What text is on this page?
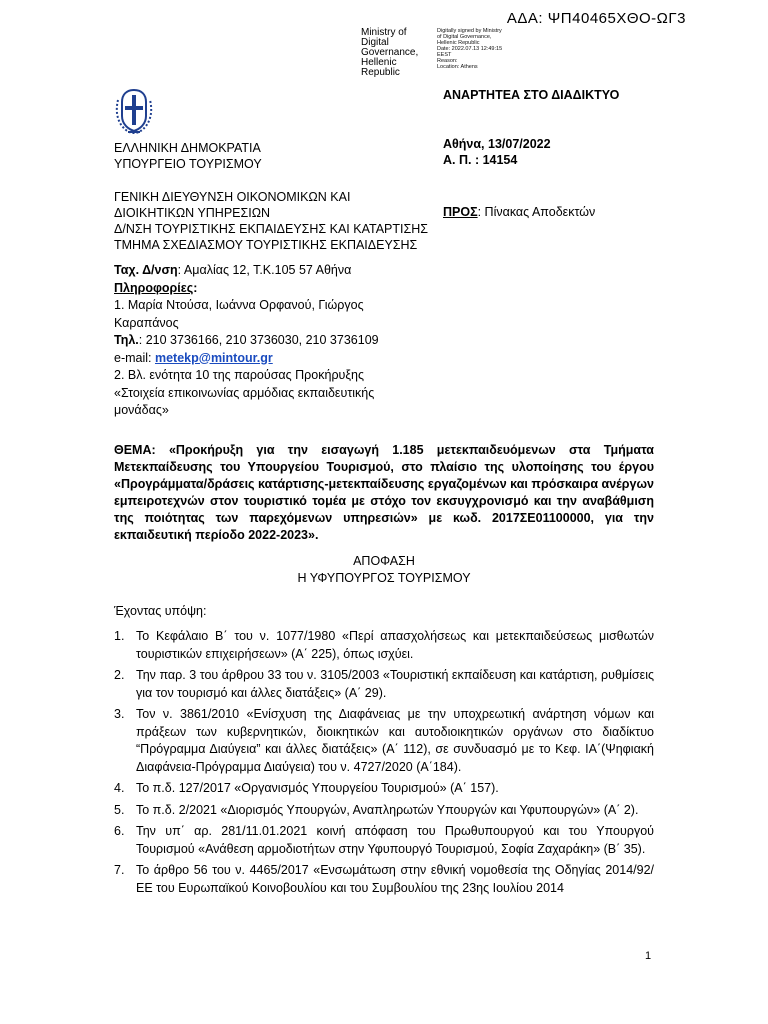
ΑΔΑ: ΨΠ40465ΧΘΟ-ΩΓ3
Ministry of Digital
Governance,
Hellenic Republic
Digitally signed by Ministry
of Digital Governance,
Hellenic Republic
Date: 2022.07.13 12:49:15
EEST
Reason:
Location: Athens
ΕΛΛΗΝΙΚΗ ΔΗΜΟΚΡΑΤΙΑ
ΥΠΟΥΡΓΕΙΟ ΤΟΥΡΙΣΜΟΥ
ΓΕΝΙΚΗ ΔΙΕΥΘΥΝΣΗ ΟΙΚΟΝΟΜΙΚΩΝ ΚΑΙ
ΔΙΟΙΚΗΤΙΚΩΝ ΥΠΗΡΕΣΙΩΝ
Δ/ΝΣΗ ΤΟΥΡΙΣΤΙΚΗΣ ΕΚΠΑΙΔΕΥΣΗΣ ΚΑΙ ΚΑΤΑΡΤΙΣΗΣ
ΤΜΗΜΑ ΣΧΕΔΙΑΣΜΟΥ ΤΟΥΡΙΣΤΙΚΗΣ ΕΚΠΑΙΔΕΥΣΗΣ
ΑΝΑΡΤΗΤΕΑ ΣΤΟ ΔΙΑΔΙΚΤΥΟ
Αθήνα, 13/07/2022
Α. Π. : 14154
ΠΡΟΣ: Πίνακας Αποδεκτών
Ταχ. Δ/νση: Αμαλίας 12, Τ.Κ.105 57 Αθήνα
Πληροφορίες:
1. Μαρία Ντούσα, Ιωάννα Ορφανού, Γιώργος
Καραπάνος
Τηλ.: 210 3736166, 210 3736030, 210 3736109
e-mail: metekp@mintour.gr
2. Βλ. ενότητα 10 της παρούσας Προκήρυξης
«Στοιχεία επικοινωνίας αρμόδιας εκπαιδευτικής
μονάδας»
ΘΕΜΑ: «Προκήρυξη για την εισαγωγή 1.185 μετεκπαιδευόμενων στα Τμήματα Μετεκπαίδευσης του Υπουργείου Τουρισμού, στο πλαίσιο της υλοποίησης του έργου «Προγράμματα/δράσεις κατάρτισης-μετεκπαίδευσης εργαζομένων και πρόσκαιρα ανέργων εμπειροτεχνών στον τουριστικό τομέα με στόχο τον εκσυγχρονισμό και την αναβάθμιση της ποιότητας των παρεχόμενων υπηρεσιών» με κωδ. 2017ΣΕ01100000, για την εκπαιδευτική περίοδο 2022-2023».
ΑΠΟΦΑΣΗ
Η ΥΦΥΠΟΥΡΓΟΣ ΤΟΥΡΙΣΜΟΥ
Έχοντας υπόψη:
1. Το Κεφάλαιο Β΄ του ν. 1077/1980 «Περί απασχολήσεως και μετεκπαιδεύσεως μισθωτών τουριστικών επιχειρήσεων» (Α΄ 225), όπως ισχύει.
2. Την παρ. 3 του άρθρου 33 του ν. 3105/2003 «Τουριστική εκπαίδευση και κατάρτιση, ρυθμίσεις για τον τουρισμό και άλλες διατάξεις» (Α΄ 29).
3. Τον ν. 3861/2010 «Ενίσχυση της Διαφάνειας με την υποχρεωτική ανάρτηση νόμων και πράξεων των κυβερνητικών, διοικητικών και αυτοδιοικητικών οργάνων στο διαδίκτυο “Πρόγραμμα Διαύγεια” και άλλες διατάξεις» (Α΄ 112), σε συνδυασμό με το Κεφ. ΙΑ΄(Ψηφιακή Διαφάνεια-Πρόγραμμα Διαύγεια) του ν. 4727/2020 (Α΄184).
4. Το π.δ. 127/2017 «Οργανισμός Υπουργείου Τουρισμού» (Α΄ 157).
5. Το π.δ. 2/2021 «Διορισμός Υπουργών, Αναπληρωτών Υπουργών και Υφυπουργών» (Α΄ 2).
6. Την υπ΄ αρ. 281/11.01.2021 κοινή απόφαση του Πρωθυπουργού και του Υπουργού Τουρισμού «Ανάθεση αρμοδιοτήτων στην Υφυπουργό Τουρισμού, Σοφία Ζαχαράκη» (Β΄ 35).
7. Το άρθρο 56 του ν. 4465/2017 «Ενσωμάτωση στην εθνική νομοθεσία της Οδηγίας 2014/92/ΕΕ του Ευρωπαϊκού Κοινοβουλίου και του Συμβουλίου της 23ης Ιουλίου 2014
1
